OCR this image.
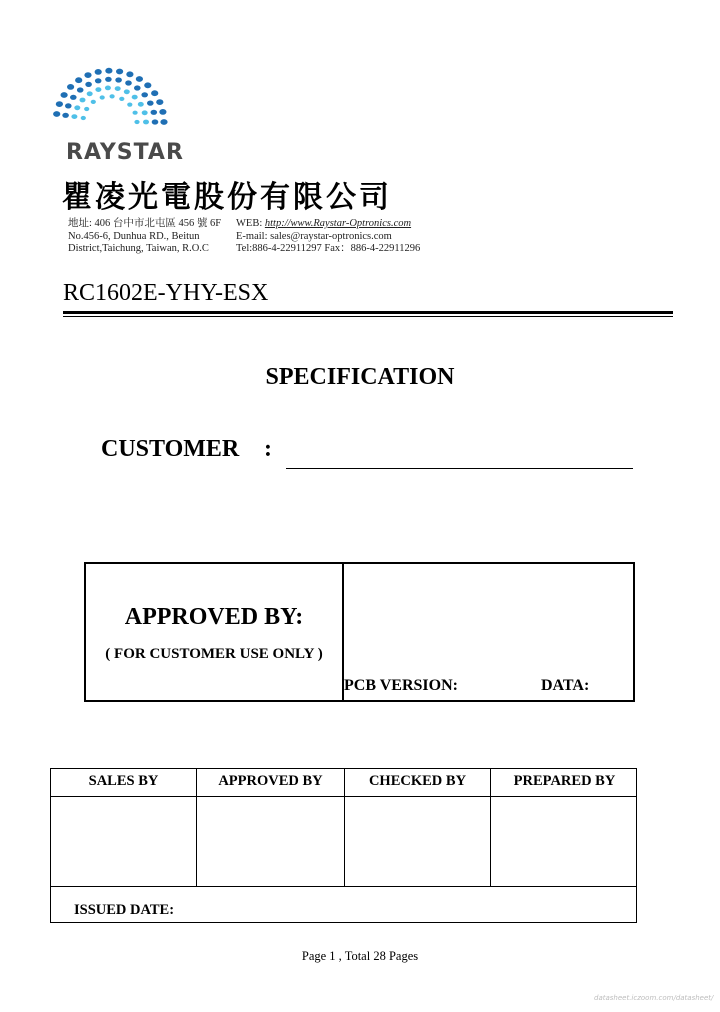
RAYSTAR
瞿凌光電股份有限公司
地址: 406 台中市北屯區 456 號 6F
No.456-6, Dunhua RD., Beitun
District,Taichung, Taiwan, R.O.C
WEB: http://www.Raystar-Optronics.com
E-mail: sales@raystar-optronics.com
Tel:886-4-22911297 Fax：886-4-22911296
RC1602E-YHY-ESX
SPECIFICATION
CUSTOMER :
APPROVED BY:
( FOR CUSTOMER USE ONLY )
PCB VERSION:	DATA:
SALES BY	APPROVED BY	CHECKED BY	PREPARED BY
ISSUED DATE:
Page 1 , Total 28 Pages
datasheet.iczoom.com/datasheet/
